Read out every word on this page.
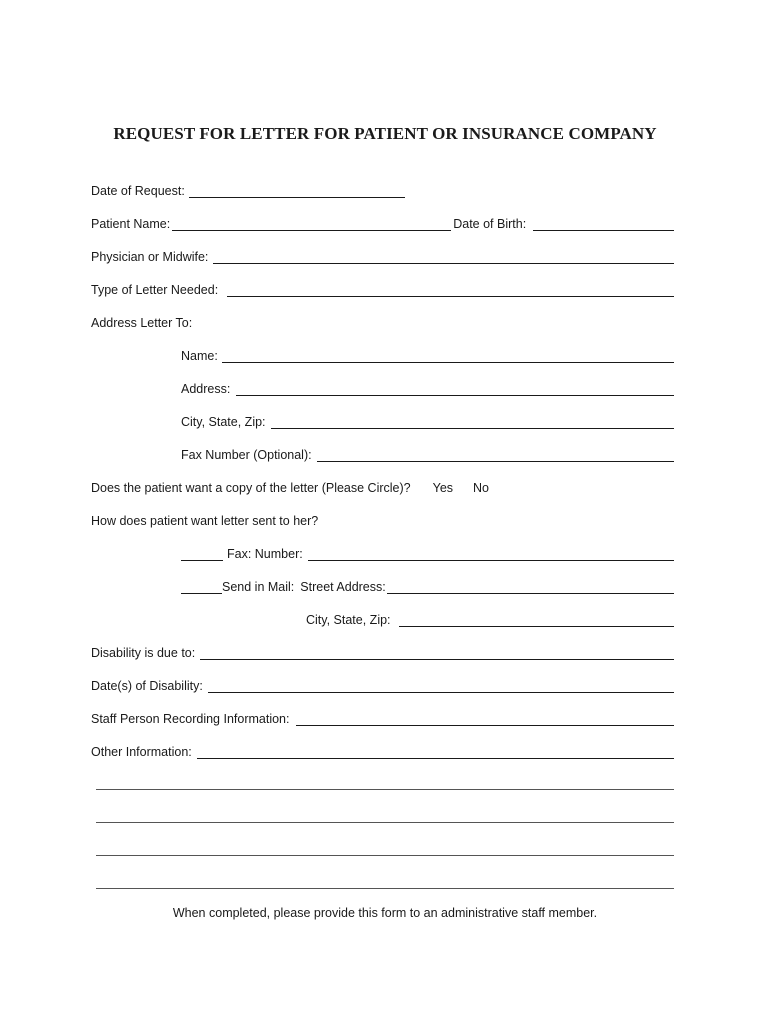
REQUEST FOR LETTER FOR PATIENT OR INSURANCE COMPANY
Date of Request:
Patient Name:	Date of Birth:
Physician or Midwife:
Type of Letter Needed:
Address Letter To:
Name:
Address:
City, State, Zip:
Fax Number (Optional):
Does the patient want a copy of the letter (Please Circle)? Yes No
How does patient want letter sent to her?
Fax: Number:
Send in Mail: Street Address:
City, State, Zip:
Disability is due to:
Date(s) of Disability:
Staff Person Recording Information:
Other Information:
When completed, please provide this form to an administrative staff member.
